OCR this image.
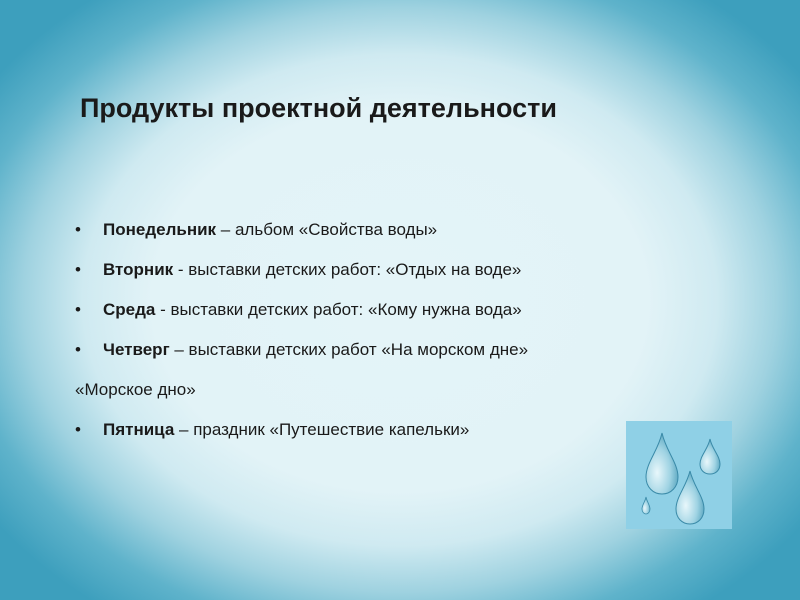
Продукты проектной деятельности
• Понедельник – альбом «Свойства воды»
• Вторник - выставки детских работ: «Отдых на воде»
• Среда - выставки детских работ: «Кому нужна вода»
• Четверг – выставки детских работ «На морском дне»
«Морское дно»
• Пятница – праздник «Путешествие капельки»
